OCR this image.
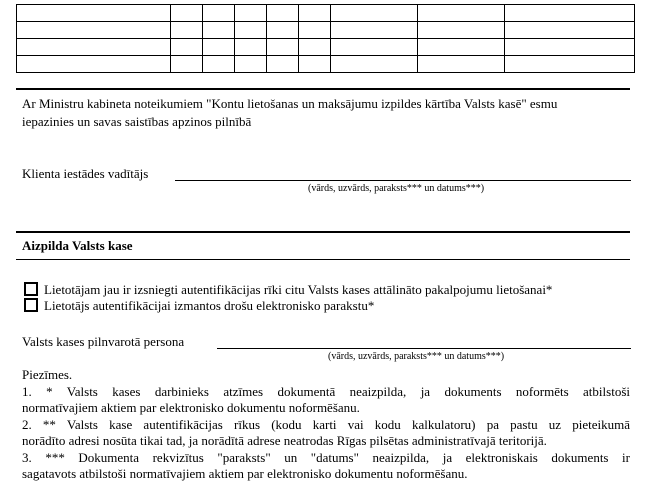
Ar Ministru kabineta noteikumiem "Kontu lietošanas un maksājumu izpildes kārtība Valsts kasē" esmu
iepazinies un savas saistības apzinos pilnībā
Klienta iestādes vadītājs
(vārds, uzvārds, paraksts*** un datums***)
Aizpilda Valsts kase
Lietotājam jau ir izsniegti autentifikācijas rīki citu Valsts kases attālināto pakalpojumu lietošanai*
Lietotājs autentifikācijai izmantos drošu elektronisko parakstu*
Valsts kases pilnvarotā persona
(vārds, uzvārds, paraksts*** un datums***)
Piezīmes.
1. * Valsts kases darbinieks atzīmes dokumentā neaizpilda, ja dokuments noformēts atbilstoši
normatīvajiem aktiem par elektronisko dokumentu noformēšanu.
2. ** Valsts kase autentifikācijas rīkus (kodu karti vai kodu kalkulatoru) pa pastu uz pieteikumā
norādīto adresi nosūta tikai tad, ja norādītā adrese neatrodas Rīgas pilsētas administratīvajā teritorijā.
3. *** Dokumenta rekvizītus "paraksts" un "datums" neaizpilda, ja elektroniskais dokuments ir
sagatavots atbilstoši normatīvajiem aktiem par elektronisko dokumentu noformēšanu.
